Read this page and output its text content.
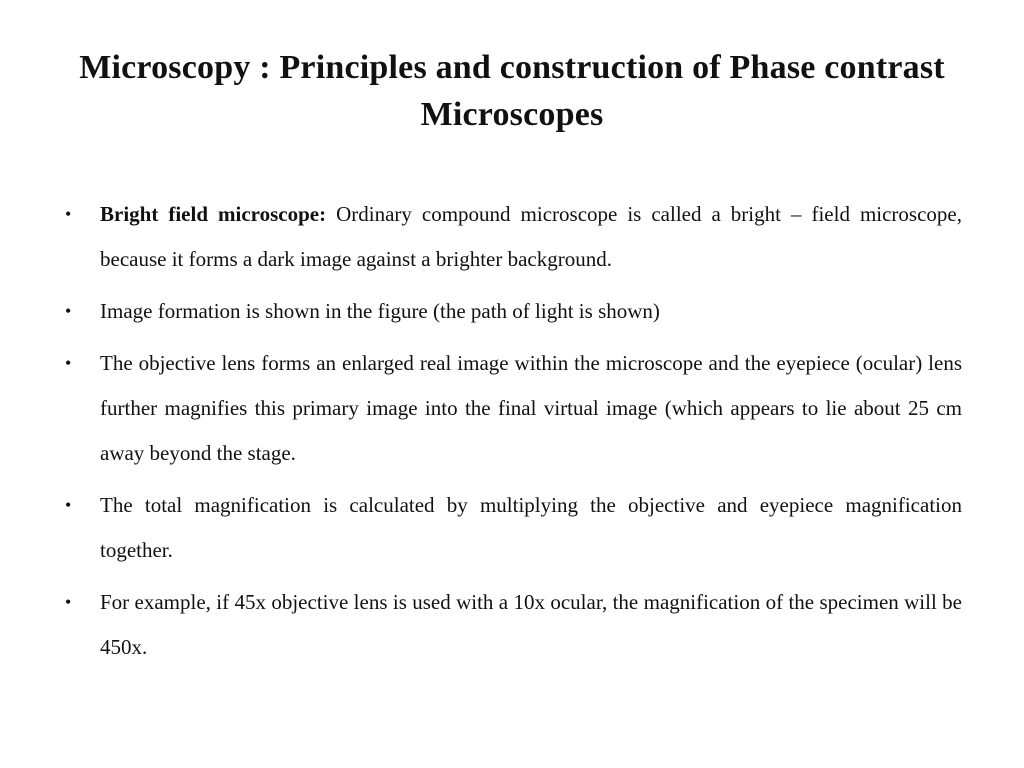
Microscopy : Principles and construction of Phase contrast Microscopes
• Bright field microscope: Ordinary compound microscope is called a bright – field microscope, because it forms a dark image against a brighter background.
• Image formation is shown in the figure (the path of light is shown)
• The objective lens forms an enlarged real image within the microscope and the eyepiece (ocular) lens further magnifies this primary image into the final virtual image (which appears to lie about 25 cm away beyond the stage.
• The total magnification is calculated by multiplying the objective and eyepiece magnification together.
• For example, if 45x objective lens is used with a 10x ocular, the magnification of the specimen will be 450x.
